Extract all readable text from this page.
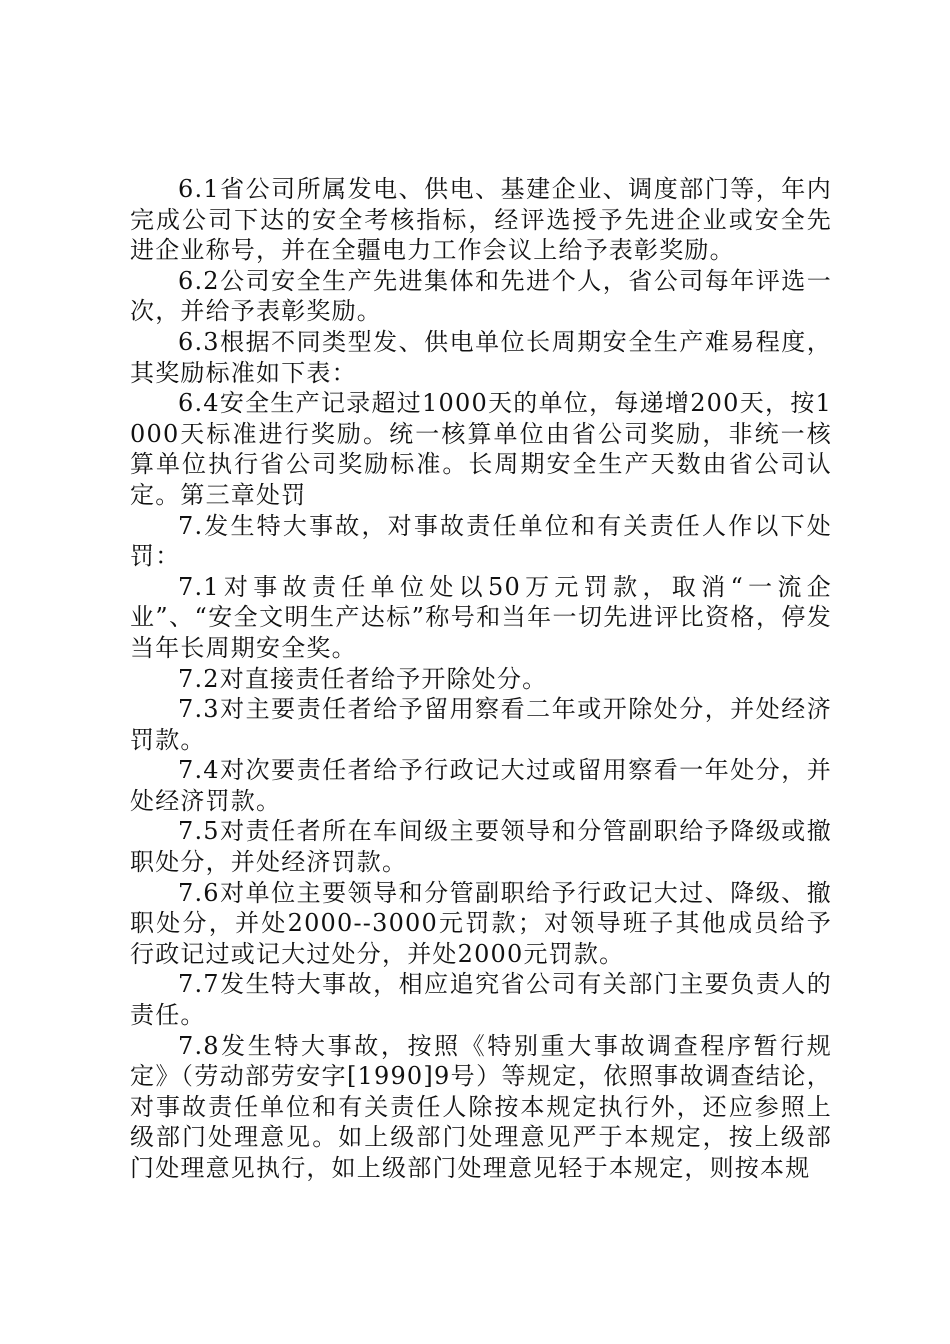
6.1省公司所属发电、供电、基建企业、调度部门等，年内完成公司下达的安全考核指标，经评选授予先进企业或安全先进企业称号，并在全疆电力工作会议上给予表彰奖励。

6.2公司安全生产先进集体和先进个人，省公司每年评选一次，并给予表彰奖励。

6.3根据不同类型发、供电单位长周期安全生产难易程度，其奖励标准如下表：

6.4安全生产记录超过1000天的单位，每递增200天，按1000天标准进行奖励。统一核算单位由省公司奖励，非统一核算单位执行省公司奖励标准。长周期安全生产天数由省公司认定。第三章处罚

7.发生特大事故，对事故责任单位和有关责任人作以下处罚：

7.1对事故责任单位处以50万元罚款，取消“一流企业”、“安全文明生产达标”称号和当年一切先进评比资格，停发当年长周期安全奖。

7.2对直接责任者给予开除处分。

7.3对主要责任者给予留用察看二年或开除处分，并处经济罚款。

7.4对次要责任者给予行政记大过或留用察看一年处分，并处经济罚款。

7.5对责任者所在车间级主要领导和分管副职给予降级或撤职处分，并处经济罚款。

7.6对单位主要领导和分管副职给予行政记大过、降级、撤职处分，并处2000--3000元罚款；对领导班子其他成员给予行政记过或记大过处分，并处2000元罚款。

7.7发生特大事故，相应追究省公司有关部门主要负责人的责任。

7.8发生特大事故，按照《特别重大事故调查程序暂行规定》（劳动部劳安字[1990]9号）等规定，依照事故调查结论，对事故责任单位和有关责任人除按本规定执行外，还应参照上级部门处理意见。如上级部门处理意见严于本规定，按上级部门处理意见执行，如上级部门处理意见轻于本规定，则按本规
